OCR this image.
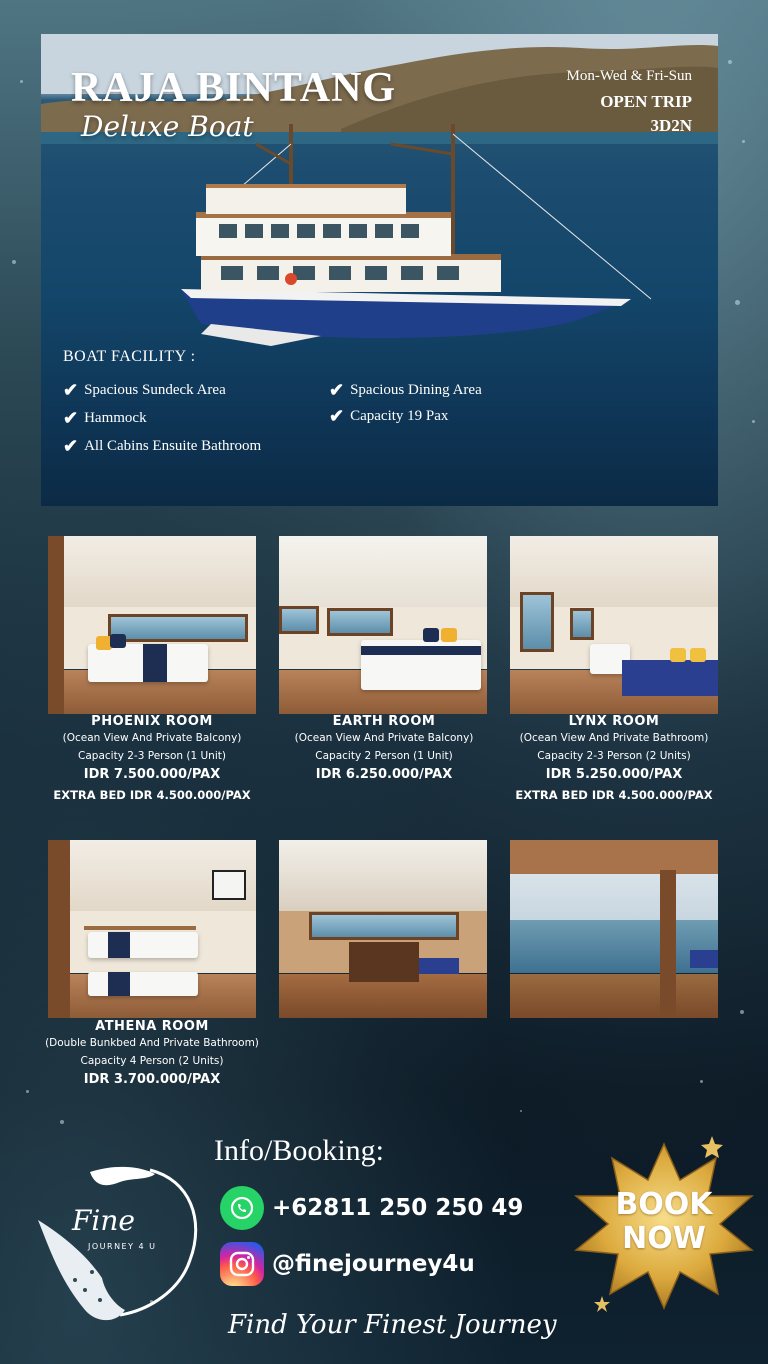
RAJA BINTANG
Deluxe Boat
Mon-Wed & Fri-Sun
OPEN TRIP
3D2N
BOAT FACILITY :
✔ Spacious Sundeck Area
✔ Hammock
✔ All Cabins Ensuite Bathroom
✔ Spacious Dining Area
✔ Capacity 19 Pax
PHOENIX ROOM
(Ocean View And Private Balcony)
Capacity 2-3 Person (1 Unit)
IDR 7.500.000/PAX
EXTRA BED IDR 4.500.000/PAX
EARTH ROOM
(Ocean View And Private Balcony)
Capacity 2 Person (1 Unit)
IDR 6.250.000/PAX
LYNX ROOM
(Ocean View And Private Bathroom)
Capacity 2-3 Person (2 Units)
IDR 5.250.000/PAX
EXTRA BED IDR 4.500.000/PAX
ATHENA ROOM
(Double Bunkbed And Private Bathroom)
Capacity 4 Person (2 Units)
IDR 3.700.000/PAX
Fine
JOURNEY 4 U
Info/Booking:
+62811 250 250 49
@finejourney4u
BOOK
NOW
Find Your Finest Journey
